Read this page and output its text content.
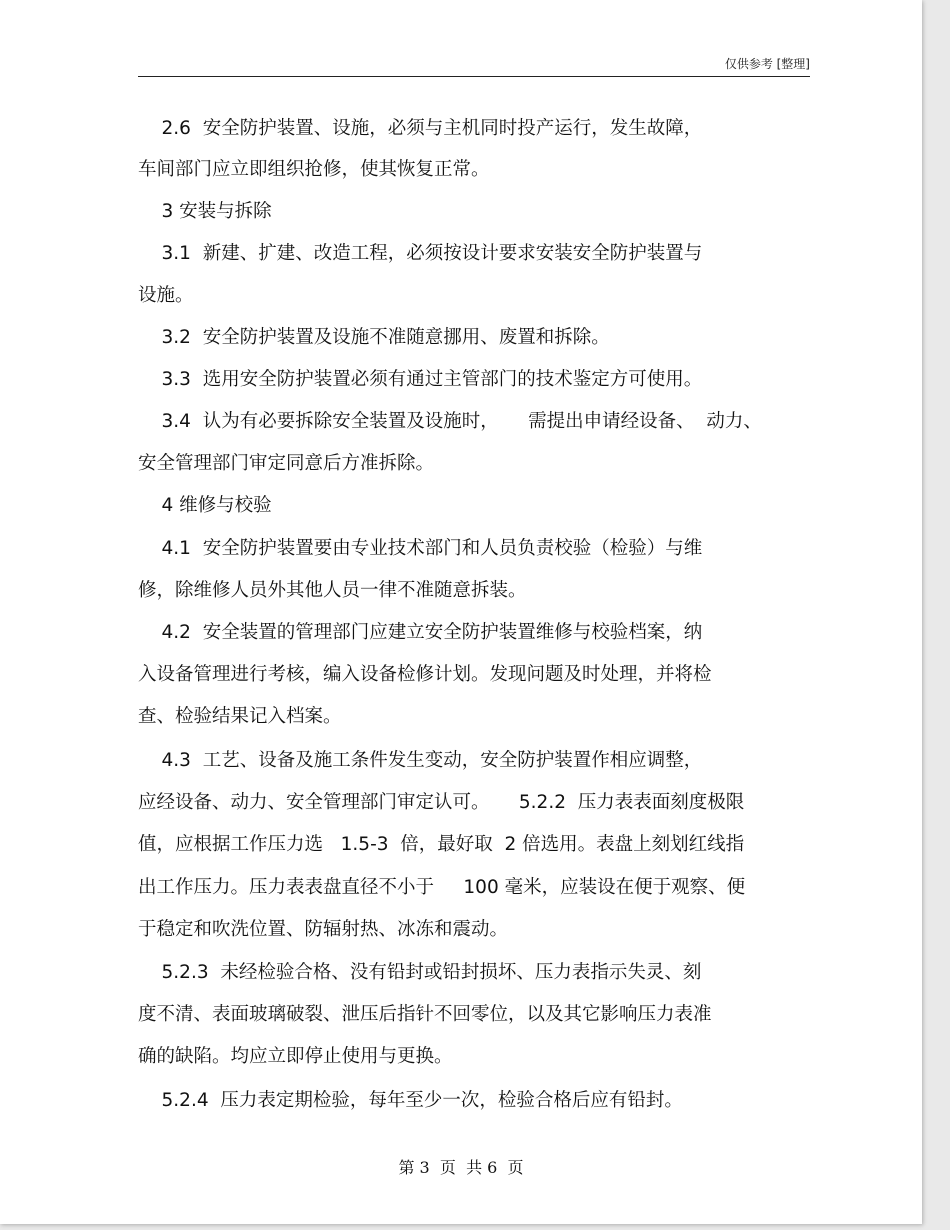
仅供参考 [整理]
2.6  安全防护装置、设施，必须与主机同时投产运行，发生故障，
车间部门应立即组织抢修，使其恢复正常。
3 安装与拆除
3.1  新建、扩建、改造工程，必须按设计要求安装安全防护装置与
设施。
3.2  安全防护装置及设施不准随意挪用、废置和拆除。
3.3  选用安全防护装置必须有通过主管部门的技术鉴定方可使用。
3.4  认为有必要拆除安全装置及设施时，     需提出申请经设备、  动力、
安全管理部门审定同意后方准拆除。
4 维修与校验
4.1  安全防护装置要由专业技术部门和人员负责校验（检验）与维
修，除维修人员外其他人员一律不准随意拆装。
4.2  安全装置的管理部门应建立安全防护装置维修与校验档案，纳
入设备管理进行考核，编入设备检修计划。发现问题及时处理，并将检
查、检验结果记入档案。
4.3  工艺、设备及施工条件发生变动，安全防护装置作相应调整，
应经设备、动力、安全管理部门审定认可。     5.2.2  压力表表面刻度极限
值，应根据工作压力选   1.5-3  倍，最好取  2 倍选用。表盘上刻划红线指
出工作压力。压力表表盘直径不小于     100 毫米，应装设在便于观察、便
于稳定和吹洗位置、防辐射热、冰冻和震动。
5.2.3  未经检验合格、没有铅封或铅封损坏、压力表指示失灵、刻
度不清、表面玻璃破裂、泄压后指针不回零位，以及其它影响压力表准
确的缺陷。均应立即停止使用与更换。
5.2.4  压力表定期检验，每年至少一次，检验合格后应有铅封。
第 3  页  共 6  页
